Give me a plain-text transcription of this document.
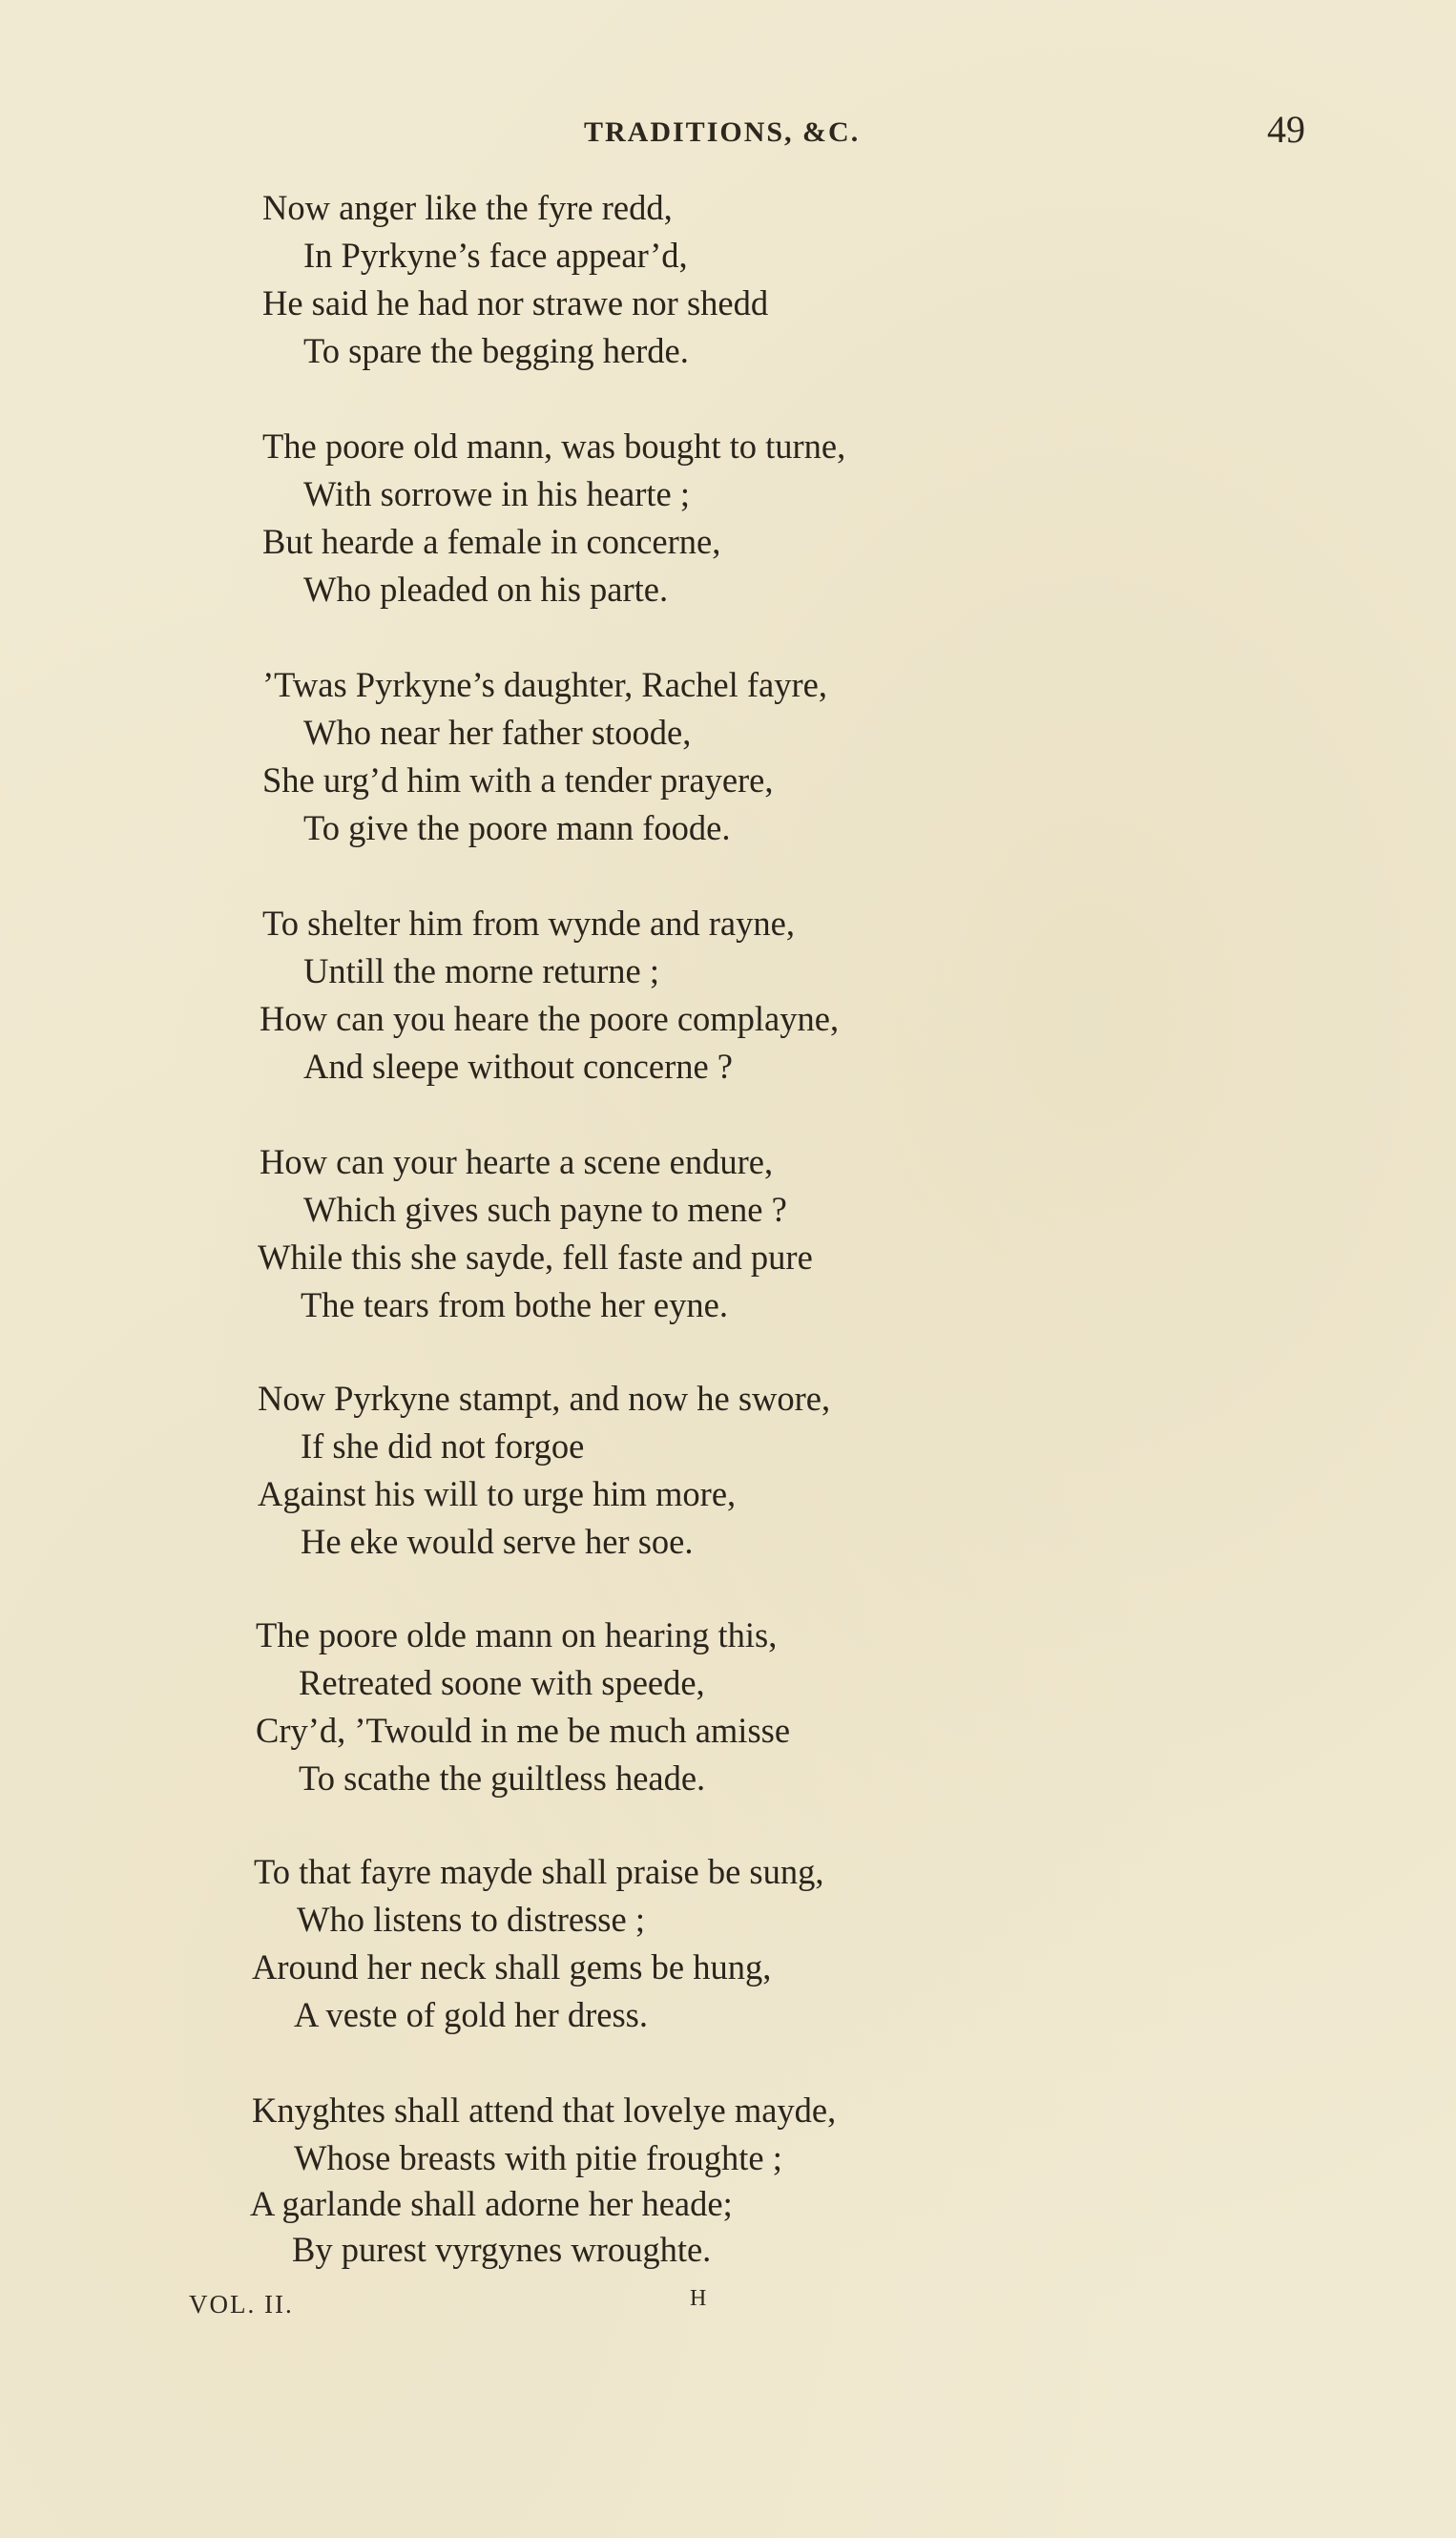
TRADITIONS, &C.	49
Now anger like the fyre redd,
In Pyrkyne’s face appear’d,
He said he had nor strawe nor shedd
To spare the begging herde.
The poore old mann, was bought to turne,
With sorrowe in his hearte ;
But hearde a female in concerne,
Who pleaded on his parte.
’Twas Pyrkyne’s daughter, Rachel fayre,
Who near her father stoode,
She urg’d him with a tender prayere,
To give the poore mann foode.
To shelter him from wynde and rayne,
Untill the morne returne ;
How can you heare the poore complayne,
And sleepe without concerne ?
How can your hearte a scene endure,
Which gives such payne to mene ?
While this she sayde, fell faste and pure
The tears from bothe her eyne.
Now Pyrkyne stampt, and now he swore,
If she did not forgoe
Against his will to urge him more,
He eke would serve her soe.
The poore olde mann on hearing this,
Retreated soone with speede,
Cry’d, ’Twould in me be much amisse
To scathe the guiltless heade.
To that fayre mayde shall praise be sung,
Who listens to distresse ;
Around her neck shall gems be hung,
A veste of gold her dress.
Knyghtes shall attend that lovelye mayde,
Whose breasts with pitie froughte ;
A garlande shall adorne her heade;
By purest vyrgynes wroughte.
VOL. II.	H
